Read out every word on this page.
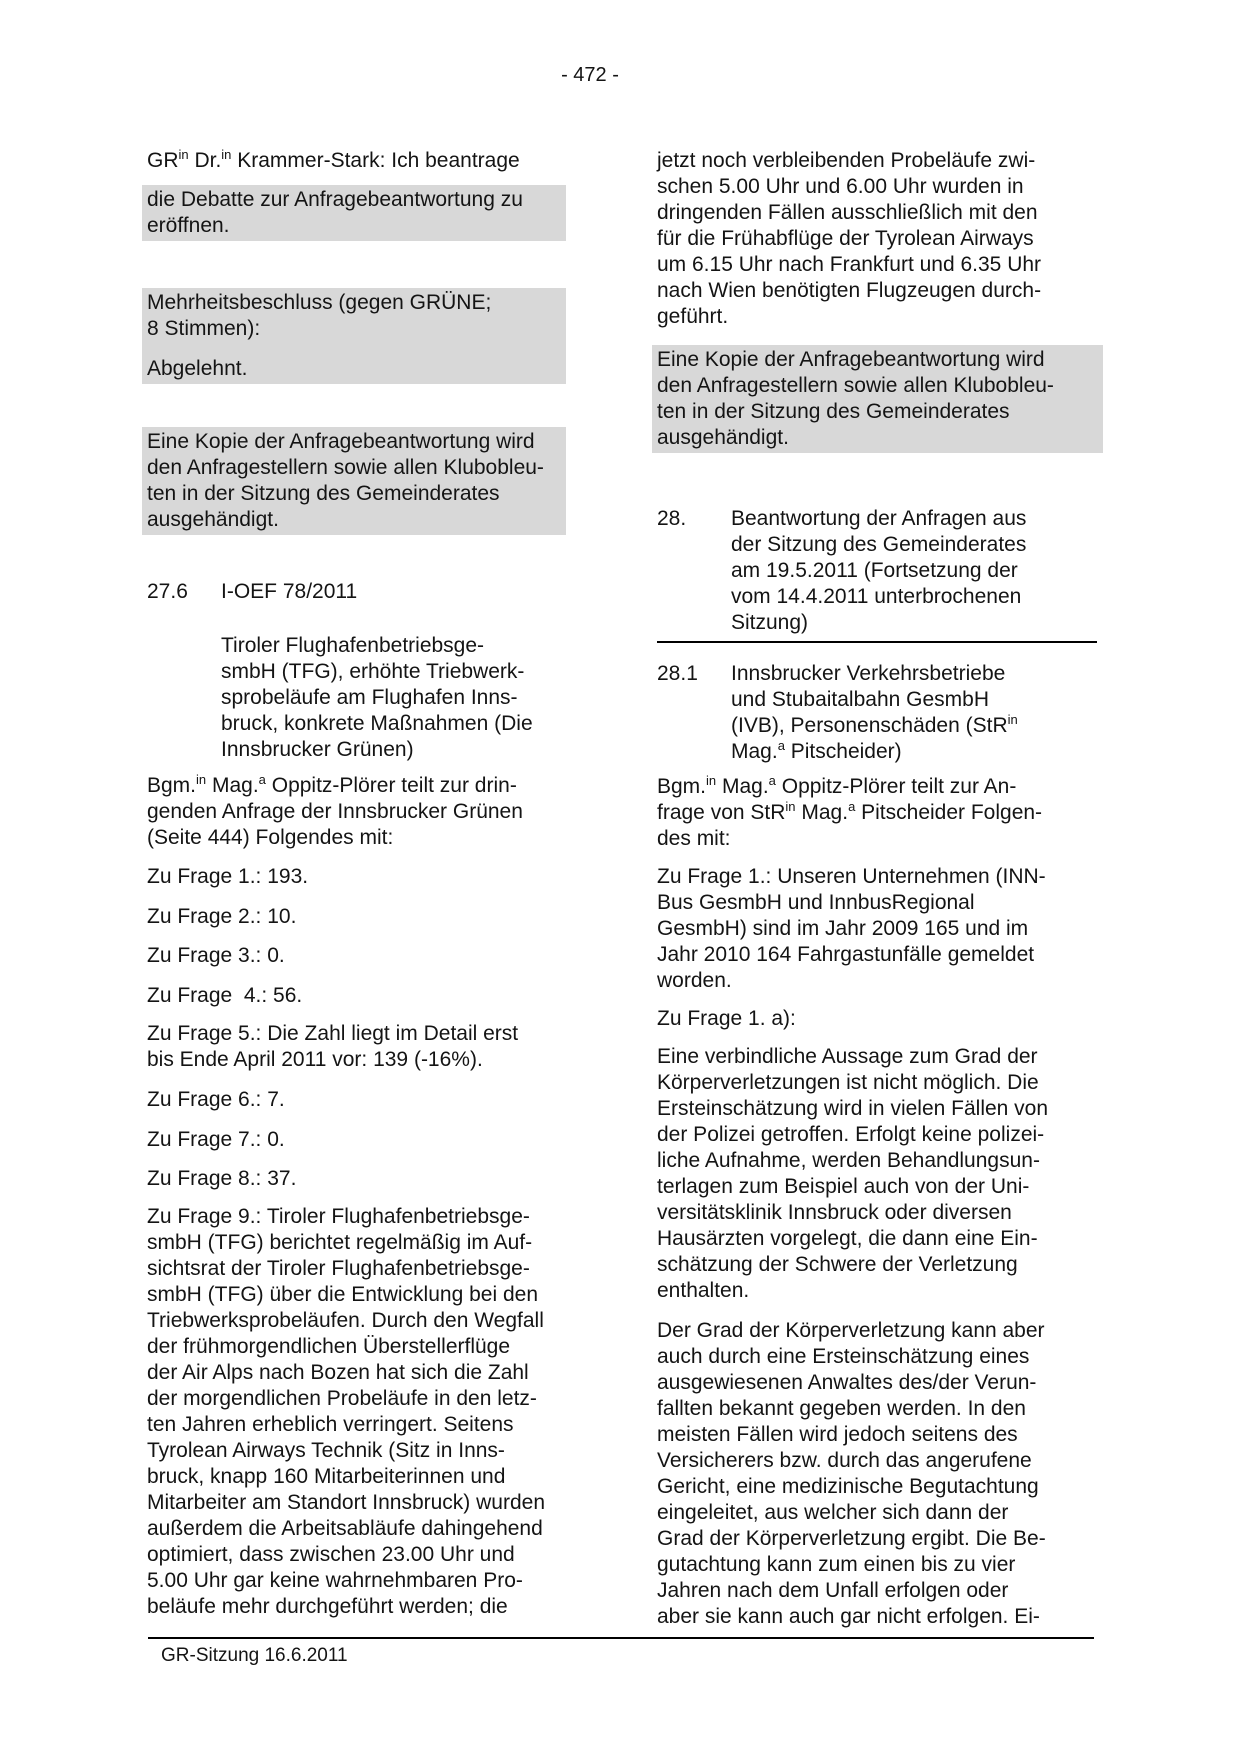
- 472 -
$GR^{in}$ Dr.$^{in}$ Krammer-Stark: Ich beantrage
die Debatte zur Anfragebeantwortung zu
eröffnen.
Mehrheitsbeschluss (gegen GRÜNE;
8 Stimmen):
Abgelehnt.
Eine Kopie der Anfragebeantwortung wird
den Anfragestellern sowie allen Klubobleu-
ten in der Sitzung des Gemeinderates
ausgehändigt.
27.6	I-OEF 78/2011
Tiroler Flughafenbetriebsge-
smbH (TFG), erhöhte Triebwerk-
sprobeläufe am Flughafen Inns-
bruck, konkrete Maßnahmen (Die
Innsbrucker Grünen)
Bgm.$^{in}$ Mag.$^a$ Oppitz-Plörer teilt zur drin-
genden Anfrage der Innsbrucker Grünen
(Seite 444) Folgendes mit:
Zu Frage 1.: 193.
Zu Frage 2.: 10.
Zu Frage 3.: 0.
Zu Frage  4.: 56.
Zu Frage 5.: Die Zahl liegt im Detail erst
bis Ende April 2011 vor: 139 (-16%).
Zu Frage 6.: 7.
Zu Frage 7.: 0.
Zu Frage 8.: 37.
Zu Frage 9.: Tiroler Flughafenbetriebsge-
smbH (TFG) berichtet regelmäßig im Auf-
sichtsrat der Tiroler Flughafenbetriebsge-
smbH (TFG) über die Entwicklung bei den
Triebwerksprobeläufen. Durch den Wegfall
der frühmorgendlichen Überstellerflüge
der Air Alps nach Bozen hat sich die Zahl
der morgendlichen Probeläufe in den letz-
ten Jahren erheblich verringert. Seitens
Tyrolean Airways Technik (Sitz in Inns-
bruck, knapp 160 Mitarbeiterinnen und
Mitarbeiter am Standort Innsbruck) wurden
außerdem die Arbeitsabläufe dahingehend
optimiert, dass zwischen 23.00 Uhr und
5.00 Uhr gar keine wahrnehmbaren Pro-
beläufe mehr durchgeführt werden; die
jetzt noch verbleibenden Probeläufe zwi-
schen 5.00 Uhr und 6.00 Uhr wurden in
dringenden Fällen ausschließlich mit den
für die Frühabflüge der Tyrolean Airways
um 6.15 Uhr nach Frankfurt und 6.35 Uhr
nach Wien benötigten Flugzeugen durch-
geführt.
Eine Kopie der Anfragebeantwortung wird
den Anfragestellern sowie allen Klubobleu-
ten in der Sitzung des Gemeinderates
ausgehändigt.
28.	Beantwortung der Anfragen aus
der Sitzung des Gemeinderates
am 19.5.2011 (Fortsetzung der
vom 14.4.2011 unterbrochenen
Sitzung)
28.1	Innsbrucker Verkehrsbetriebe
und Stubaitalbahn GesmbH
(IVB), Personenschäden (StR$^{in}$
Mag.$^a$ Pitscheider)
Bgm.$^{in}$ Mag.$^a$ Oppitz-Plörer teilt zur An-
frage von StR$^{in}$ Mag.$^a$ Pitscheider Folgen-
des mit:
Zu Frage 1.: Unseren Unternehmen (INN-
Bus GesmbH und InnbusRegional
GesmbH) sind im Jahr 2009 165 und im
Jahr 2010 164 Fahrgastunfälle gemeldet
worden.
Zu Frage 1. a):
Eine verbindliche Aussage zum Grad der
Körperverletzungen ist nicht möglich. Die
Ersteinschätzung wird in vielen Fällen von
der Polizei getroffen. Erfolgt keine polizei-
liche Aufnahme, werden Behandlungsun-
terlagen zum Beispiel auch von der Uni-
versitätsklinik Innsbruck oder diversen
Hausärzten vorgelegt, die dann eine Ein-
schätzung der Schwere der Verletzung
enthalten.
Der Grad der Körperverletzung kann aber
auch durch eine Ersteinschätzung eines
ausgewiesenen Anwaltes des/der Verun-
fallten bekannt gegeben werden. In den
meisten Fällen wird jedoch seitens des
Versicherers bzw. durch das angerufene
Gericht, eine medizinische Begutachtung
eingeleitet, aus welcher sich dann der
Grad der Körperverletzung ergibt. Die Be-
gutachtung kann zum einen bis zu vier
Jahren nach dem Unfall erfolgen oder
aber sie kann auch gar nicht erfolgen. Ei-
GR-Sitzung 16.6.2011
